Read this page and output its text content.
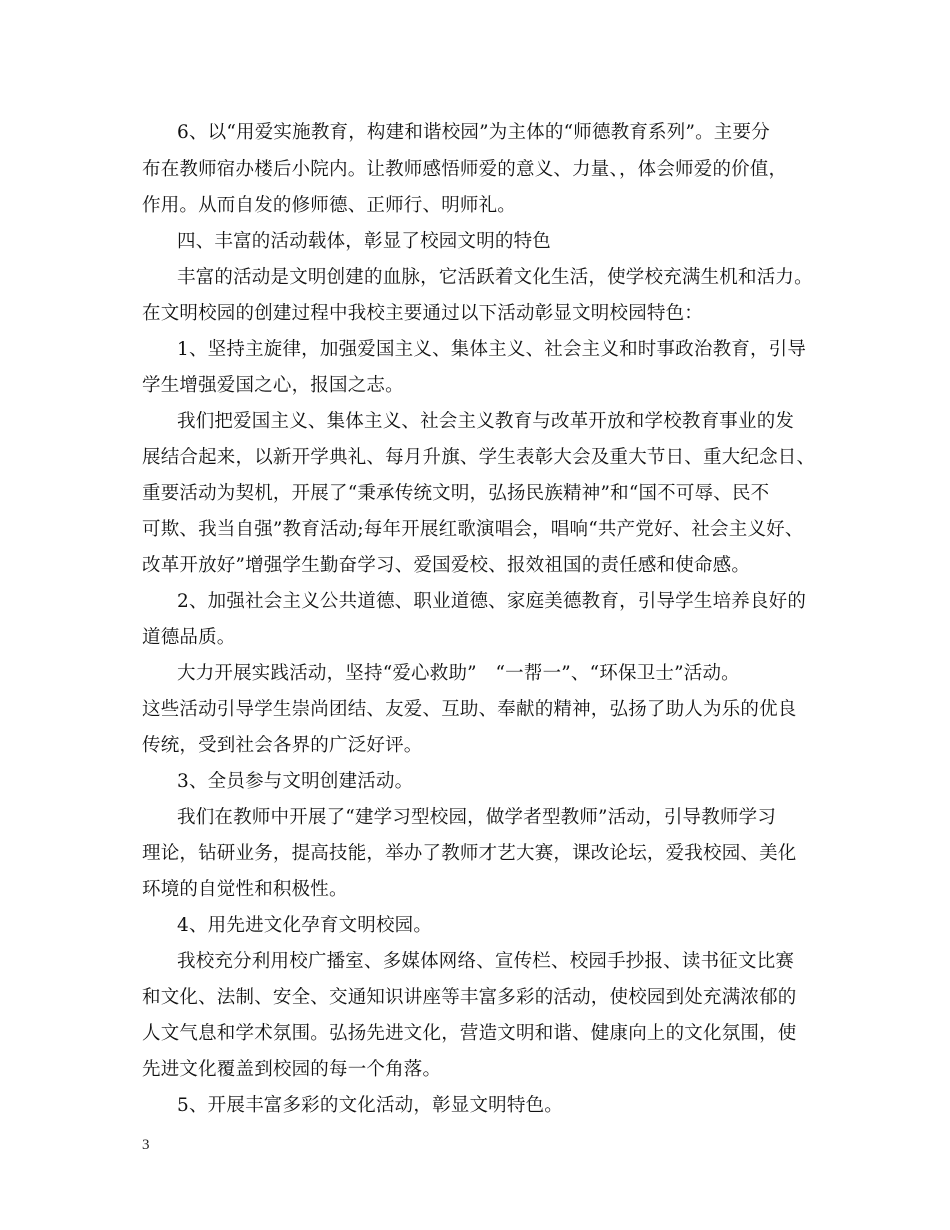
6、以“用爱实施教育，构建和谐校园”为主体的“师德教育系列”。主要分
布在教师宿办楼后小院内。让教师感悟师爱的意义、力量、，体会师爱的价值，
作用。从而自发的修师德、正师行、明师礼。
四、丰富的活动载体，彰显了校园文明的特色
丰富的活动是文明创建的血脉，它活跃着文化生活，使学校充满生机和活力。
在文明校园的创建过程中我校主要通过以下活动彰显文明校园特色：
1、坚持主旋律，加强爱国主义、集体主义、社会主义和时事政治教育，引导
学生增强爱国之心，报国之志。
我们把爱国主义、集体主义、社会主义教育与改革开放和学校教育事业的发
展结合起来，以新开学典礼、每月升旗、学生表彰大会及重大节日、重大纪念日、
重要活动为契机，开展了“秉承传统文明，弘扬民族精神”和“国不可辱、民不
可欺、我当自强”教育活动;每年开展红歌演唱会，唱响“共产党好、社会主义好、
改革开放好”增强学生勤奋学习、爱国爱校、报效祖国的责任感和使命感。
2、加强社会主义公共道德、职业道德、家庭美德教育，引导学生培养良好的
道德品质。
大力开展实践活动，坚持“爱心救助”　“一帮一”、“环保卫士”活动。
这些活动引导学生崇尚团结、友爱、互助、奉献的精神，弘扬了助人为乐的优良
传统，受到社会各界的广泛好评。
3、全员参与文明创建活动。
我们在教师中开展了“建学习型校园，做学者型教师”活动，引导教师学习
理论，钻研业务，提高技能，举办了教师才艺大赛，课改论坛，爱我校园、美化
环境的自觉性和积极性。
4、用先进文化孕育文明校园。
我校充分利用校广播室、多媒体网络、宣传栏、校园手抄报、读书征文比赛
和文化、法制、安全、交通知识讲座等丰富多彩的活动，使校园到处充满浓郁的
人文气息和学术氛围。弘扬先进文化，营造文明和谐、健康向上的文化氛围，使
先进文化覆盖到校园的每一个角落。
5、开展丰富多彩的文化活动，彰显文明特色。
3
